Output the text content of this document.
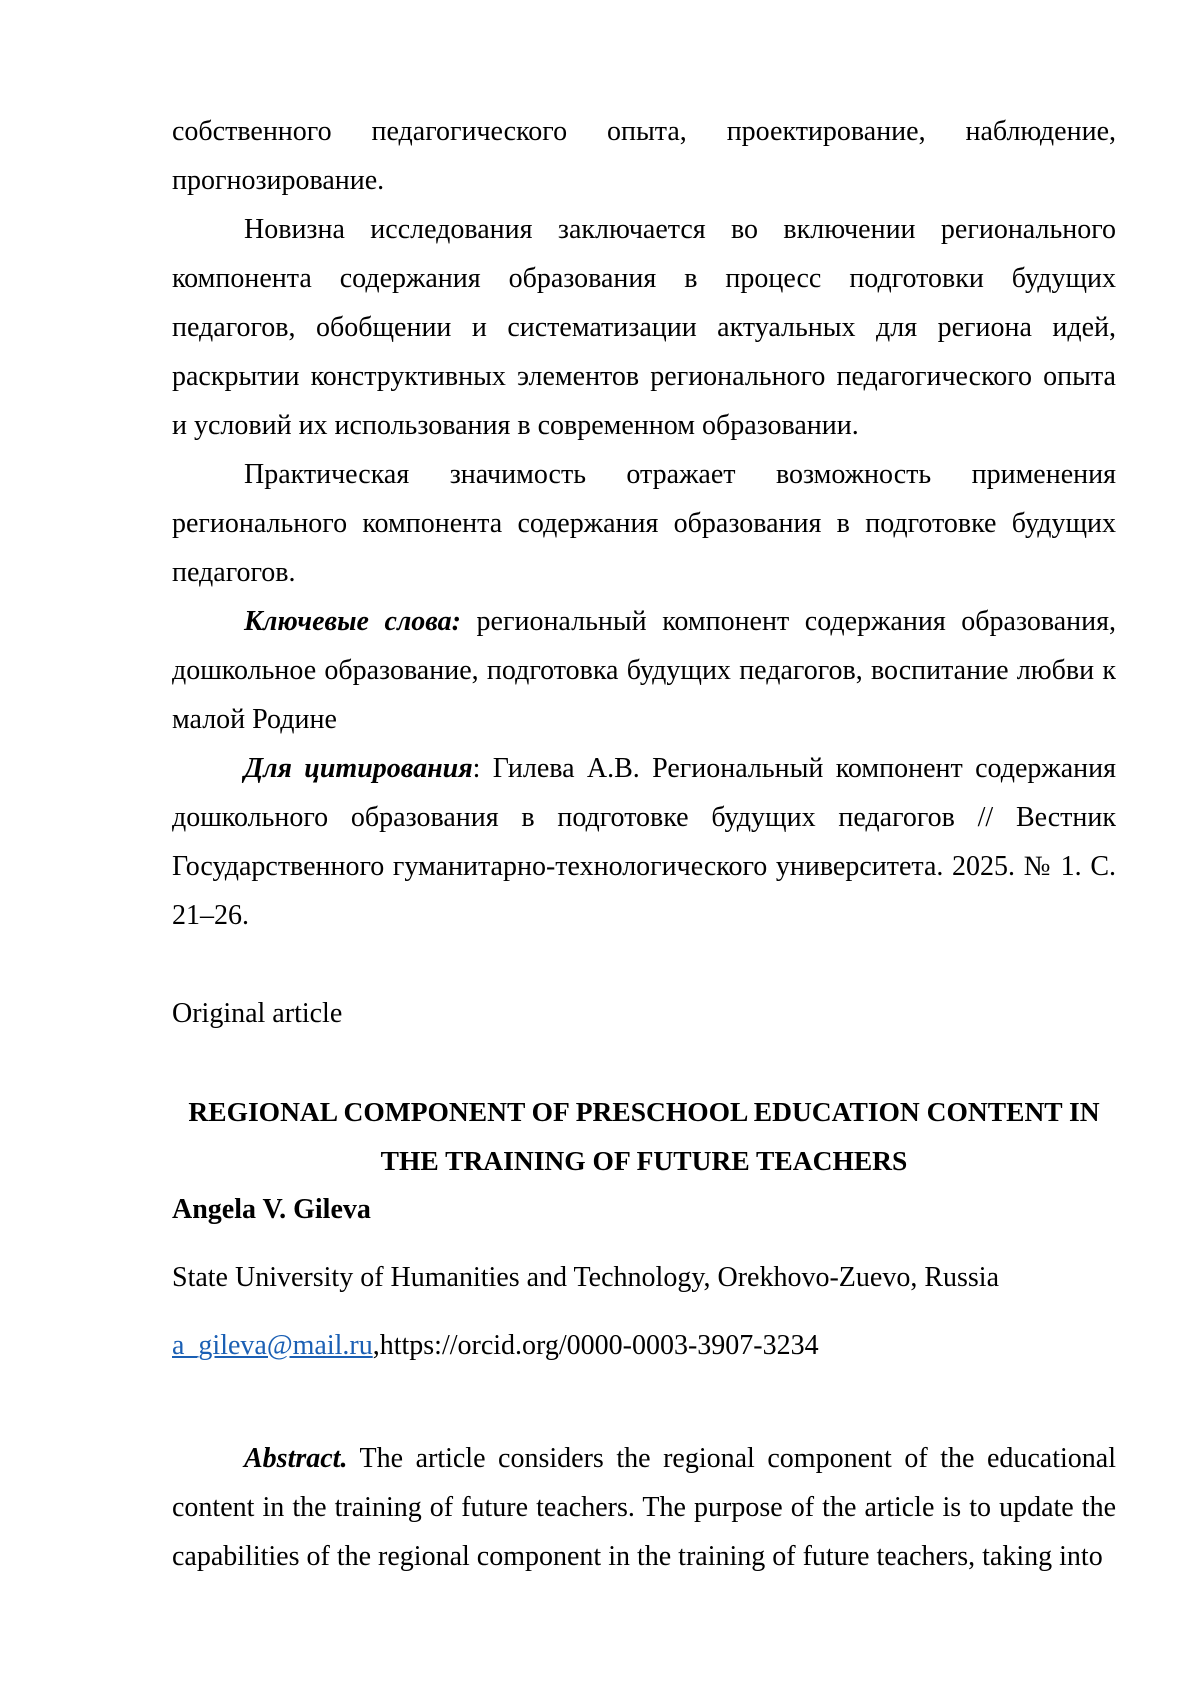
собственного педагогического опыта, проектирование, наблюдение, прогнозирование.

Новизна исследования заключается во включении регионального компонента содержания образования в процесс подготовки будущих педагогов, обобщении и систематизации актуальных для региона идей, раскрытии конструктивных элементов регионального педагогического опыта и условий их использования в современном образовании.

Практическая значимость отражает возможность применения регионального компонента содержания образования в подготовке будущих педагогов.

Ключевые слова: региональный компонент содержания образования, дошкольное образование, подготовка будущих педагогов, воспитание любви к малой Родине

Для цитирования: Гилева А.В. Региональный компонент содержания дошкольного образования в подготовке будущих педагогов // Вестник Государственного гуманитарно-технологического университета. 2025. № 1. С. 21–26.

Original article

REGIONAL COMPONENT OF PRESCHOOL EDUCATION CONTENT IN THE TRAINING OF FUTURE TEACHERS

Angela V. Gileva

State University of Humanities and Technology, Orekhovo-Zuevo, Russia

a_gileva@mail.ru,https://orcid.org/0000-0003-3907-3234

Abstract. The article considers the regional component of the educational content in the training of future teachers. The purpose of the article is to update the capabilities of the regional component in the training of future teachers, taking into
